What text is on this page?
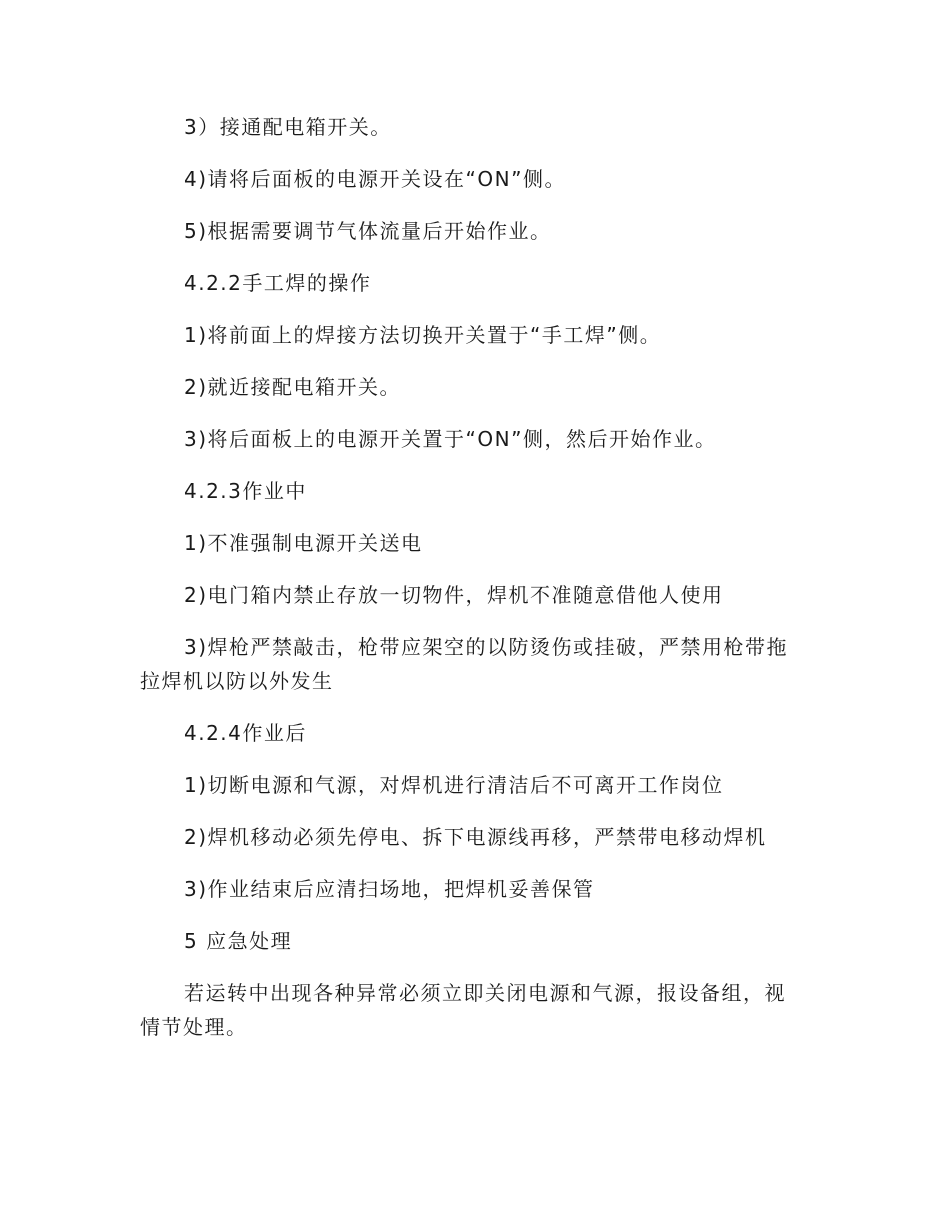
3）接通配电箱开关。

4)请将后面板的电源开关设在“ON”侧。

5)根据需要调节气体流量后开始作业。

4.2.2手工焊的操作

1)将前面上的焊接方法切换开关置于“手工焊”侧。

2)就近接配电箱开关。

3)将后面板上的电源开关置于“ON”侧，然后开始作业。

4.2.3作业中

1)不准强制电源开关送电

2)电门箱内禁止存放一切物件，焊机不准随意借他人使用

3)焊枪严禁敲击，枪带应架空的以防烫伤或挂破，严禁用枪带拖拉焊机以防以外发生

4.2.4作业后

1)切断电源和气源，对焊机进行清洁后不可离开工作岗位

2)焊机移动必须先停电、拆下电源线再移，严禁带电移动焊机

3)作业结束后应清扫场地，把焊机妥善保管

5 应急处理

若运转中出现各种异常必须立即关闭电源和气源，报设备组，视情节处理。
